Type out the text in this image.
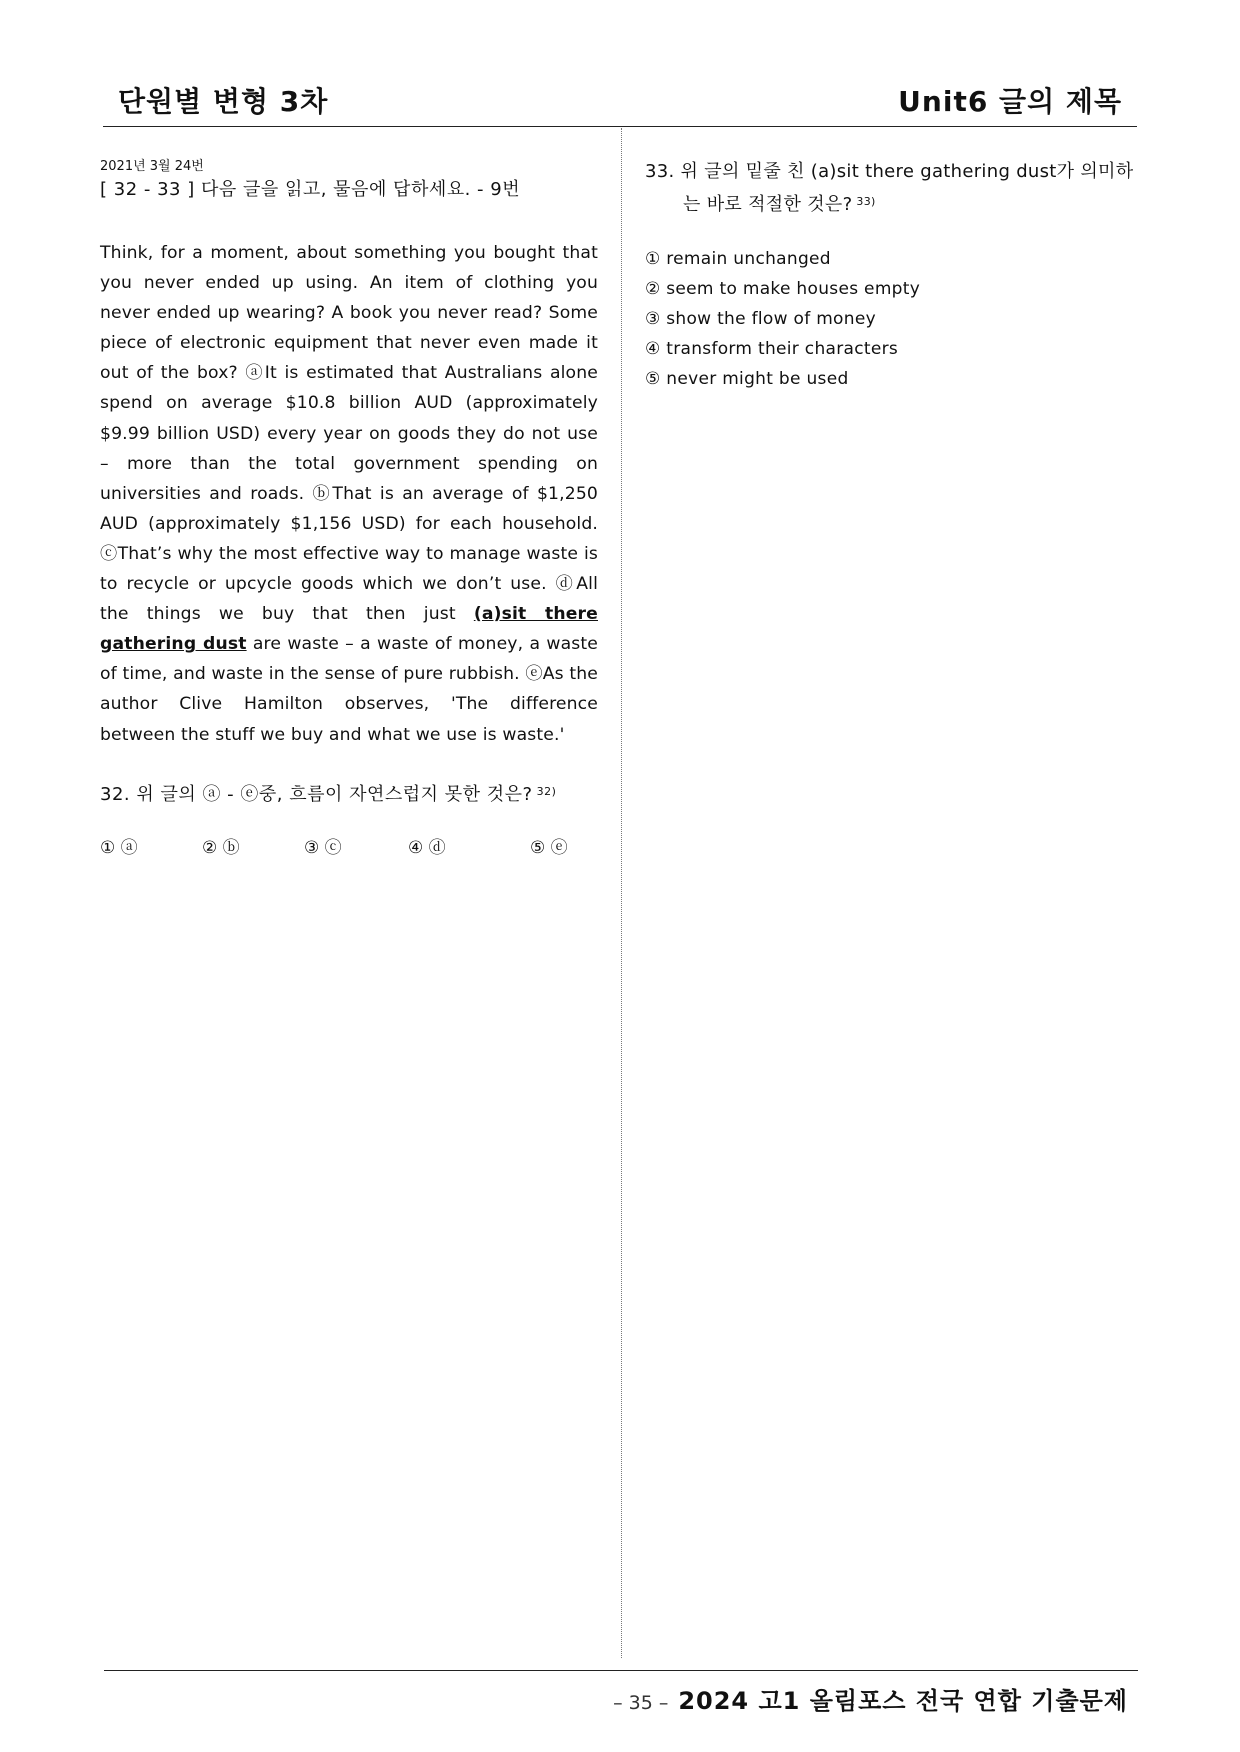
단원별 변형 3차	Unit6 글의 제목

2021년 3월 24번

[ 32 - 33 ] 다음 글을 읽고, 물음에 답하세요. - 9번

Think, for a moment, about something you bought that you never ended up using. An item of clothing you never ended up wearing? A book you never read? Some piece of electronic equipment that never even made it out of the box? ⓐIt is estimated that Australians alone spend on average $10.8 billion AUD (approximately $9.99 billion USD) every year on goods they do not use – more than the total government spending on universities and roads. ⓑThat is an average of $1,250 AUD (approximately $1,156 USD) for each household. ⓒThat’s why the most effective way to manage waste is to recycle or upcycle goods which we don’t use. ⓓAll the things we buy that then just (a)sit there gathering dust are waste – a waste of money, a waste of time, and waste in the sense of pure rubbish. ⓔAs the author Clive Hamilton observes, 'The difference between the stuff we buy and what we use is waste.'
32. 위 글의 ⓐ - ⓔ중, 흐름이 자연스럽지 못한 것은? $^{32)}$
① ⓐ	② ⓑ	③ ⓒ	④ ⓓ	⑤ ⓔ

33. 위 글의 밑줄 친 (a)sit there gathering dust가 의미하는 바로 적절한 것은? $^{33)}$

① remain unchanged
② seem to make houses empty
③ show the flow of money
④ transform their characters
⑤ never might be used
– 35 – 2024 고1 올림포스 전국 연합 기출문제
